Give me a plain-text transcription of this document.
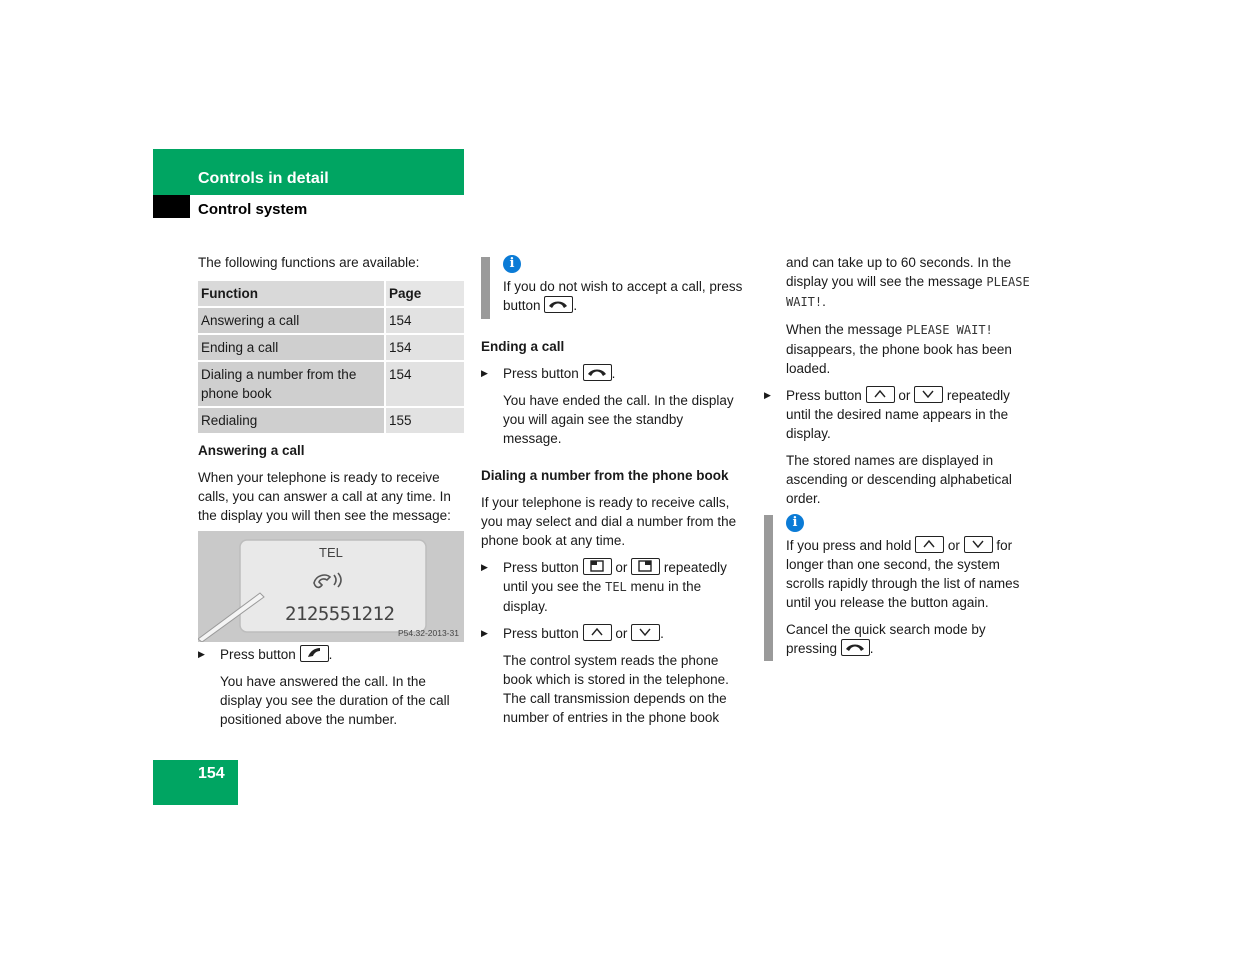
Controls in detail
Control system

The following functions are available:

Function	Page
Answering a call	154
Ending a call	154
Dialing a number from the phone book	154
Redialing	155

Answering a call

When your telephone is ready to receive calls, you can answer a call at any time. In the display you will then see the message:

TEL
2125551212
P54.32-2013-31

▶ Press button .

You have answered the call. In the display you see the duration of the call positioned above the number.

i

If you do not wish to accept a call, press button .

Ending a call

▶ Press button .

You have ended the call. In the display you will again see the standby message.

Dialing a number from the phone book

If your telephone is ready to receive calls, you may select and dial a number from the phone book at any time.

▶ Press button	or	repeatedly until you see the TEL menu in the display.

▶ Press button	or .

The control system reads the phone book which is stored in the telephone. The call transmission depends on the number of entries in the phone book

and can take up to 60 seconds. In the display you will see the message PLEASE WAIT!.

When the message PLEASE WAIT! disappears, the phone book has been loaded.

▶ Press button	or	repeatedly until the desired name appears in the display.

The stored names are displayed in ascending or descending alphabetical order.

i

If you press and hold	or	for longer than one second, the system scrolls rapidly through the list of names until you release the button again.

Cancel the quick search mode by pressing .

154
